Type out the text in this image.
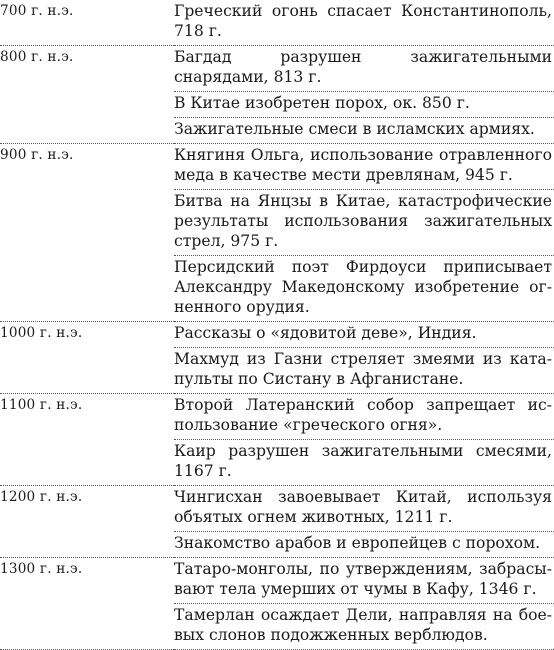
700 г. н.э.	Греческий огонь спасает Константинополь, 718 г.
800 г. н.э.	Багдад разрушен зажигательными снарядами, 813 г.
	В Китае изобретен порох, ок. 850 г.
	Зажигательные смеси в исламских армиях.
900 г. н.э.	Княгиня Ольга, использование отравленного меда в качестве мести древлянам, 945 г.
	Битва на Янцзы в Китае, катастрофические результаты использования зажигательных стрел, 975 г.
	Персидский поэт Фирдоуси приписывает Александру Македонскому изобретение огненного орудия.
1000 г. н.э.	Рассказы о «ядовитой деве», Индия.
	Махмуд из Газни стреляет змеями из катапульты по Систану в Афганистане.
1100 г. н.э.	Второй Латеранский собор запрещает использование «греческого огня».
	Каир разрушен зажигательными смесями, 1167 г.
1200 г. н.э.	Чингисхан завоевывает Китай, используя объятых огнем животных, 1211 г.
	Знакомство арабов и европейцев с порохом.
1300 г. н.э.	Татаро-монголы, по утверждениям, забрасывают тела умерших от чумы в Кафу, 1346 г.
	Тамерлан осаждает Дели, направляя на боевых слонов подожженных верблюдов.
